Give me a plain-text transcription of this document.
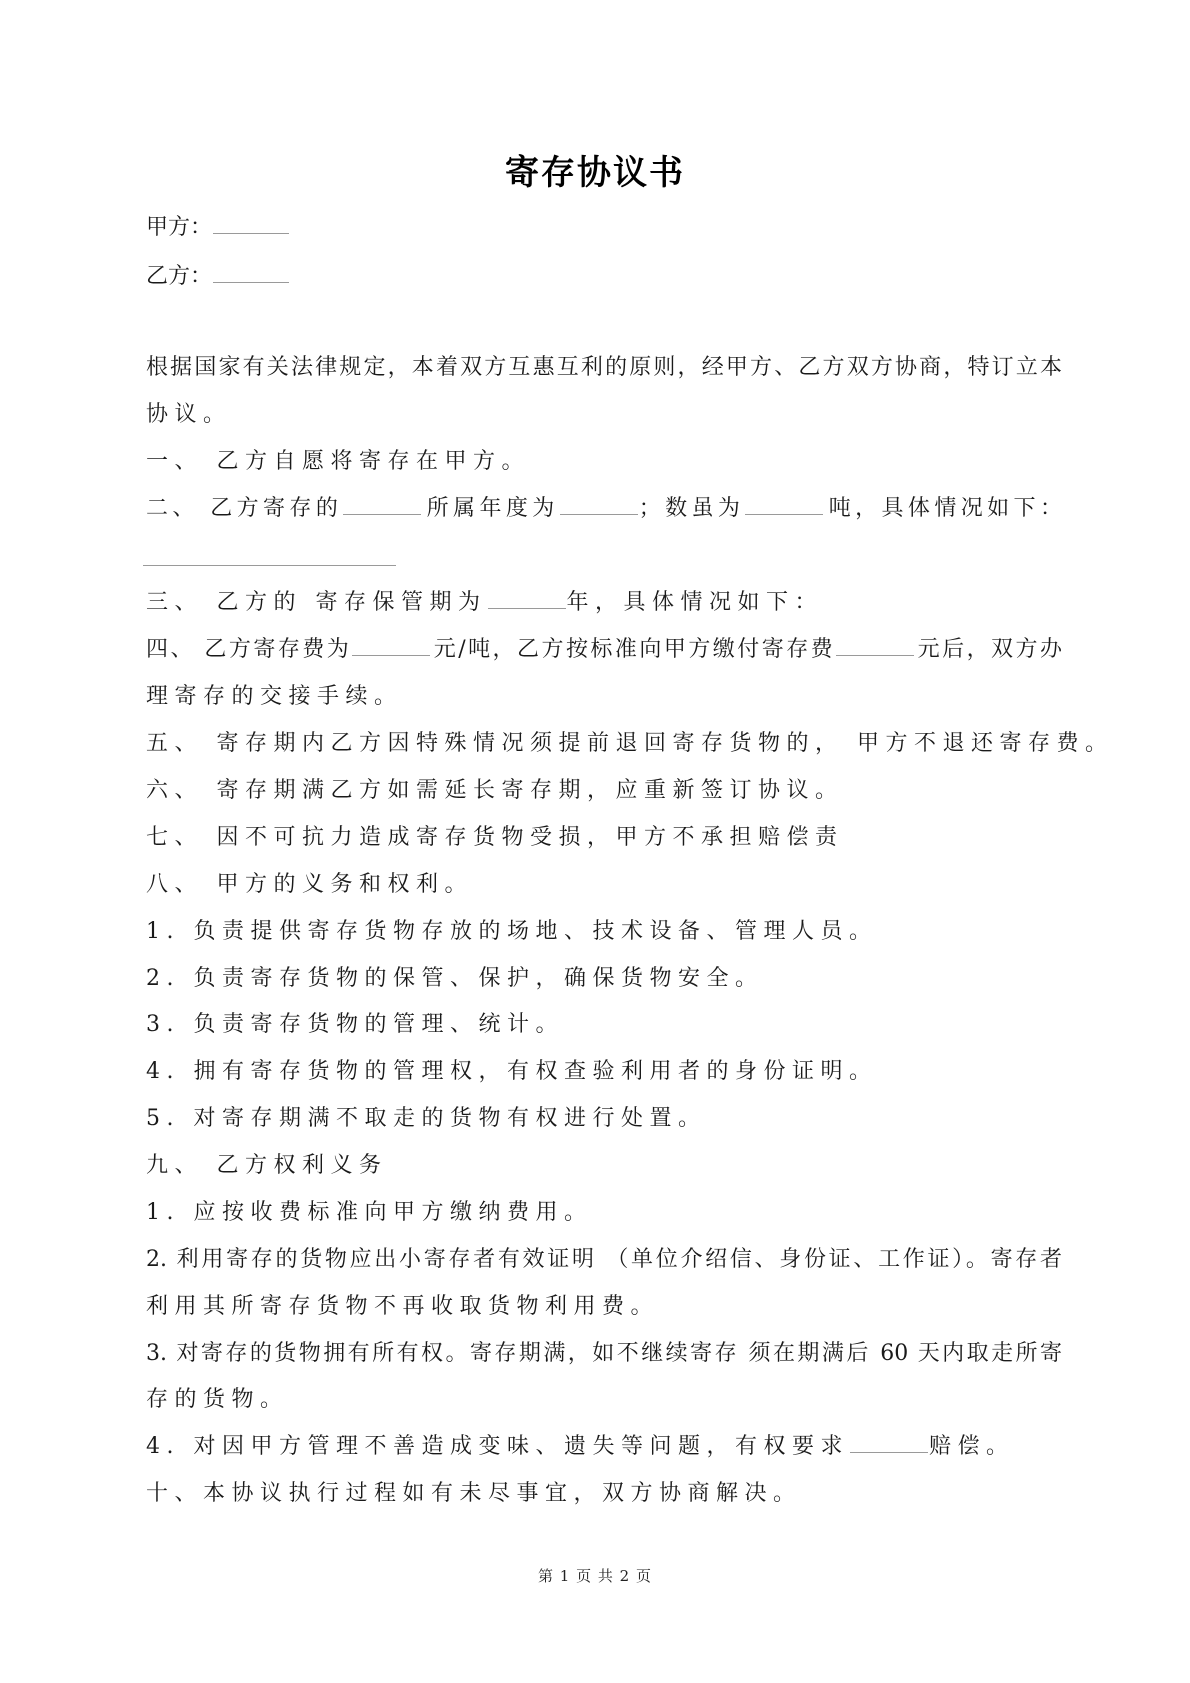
寄存协议书
甲方：
乙方：
根据国家有关法律规定，本着双方互惠互利的原则，经甲方、乙方双方协商，特订立本
协议。
一、 乙方自愿将寄存在甲方。
二、 乙方寄存的	所属年度为	；数虽为	吨，具体情况如下：
三、 乙方的 寄存保管期为	年，具体情况如下：
四、 乙方寄存费为	元/吨，乙方按标准向甲方缴付寄存费	元后，双方办
理寄存的交接手续。
五、 寄存期内乙方因特殊情况须提前退回寄存货物的， 甲方不退还寄存费。
六、 寄存期满乙方如需延长寄存期，应重新签订协议。
七、 因不可抗力造成寄存货物受损，甲方不承担赔偿责
八、 甲方的义务和权利。
1. 负责提供寄存货物存放的场地、技术设备、管理人员。
2. 负责寄存货物的保管、保护，确保货物安全。
3. 负责寄存货物的管理、统计。
4. 拥有寄存货物的管理权，有权查验利用者的身份证明。
5. 对寄存期满不取走的货物有权进行处置。
九、 乙方权利义务
1. 应按收费标准向甲方缴纳费用。
2. 利用寄存的货物应出小寄存者有效证明 （单位介绍信、身份证、工作证）。寄存者
利用其所寄存货物不再收取货物利用费。
3. 对寄存的货物拥有所有权。寄存期满，如不继续寄存 须在期满后 60 天内取走所寄
存的货物。
4. 对因甲方管理不善造成变味、遗失等问题，有权要求	赔偿。
十、本协议执行过程如有未尽事宜，双方协商解决。
第 1 页 共 2 页
